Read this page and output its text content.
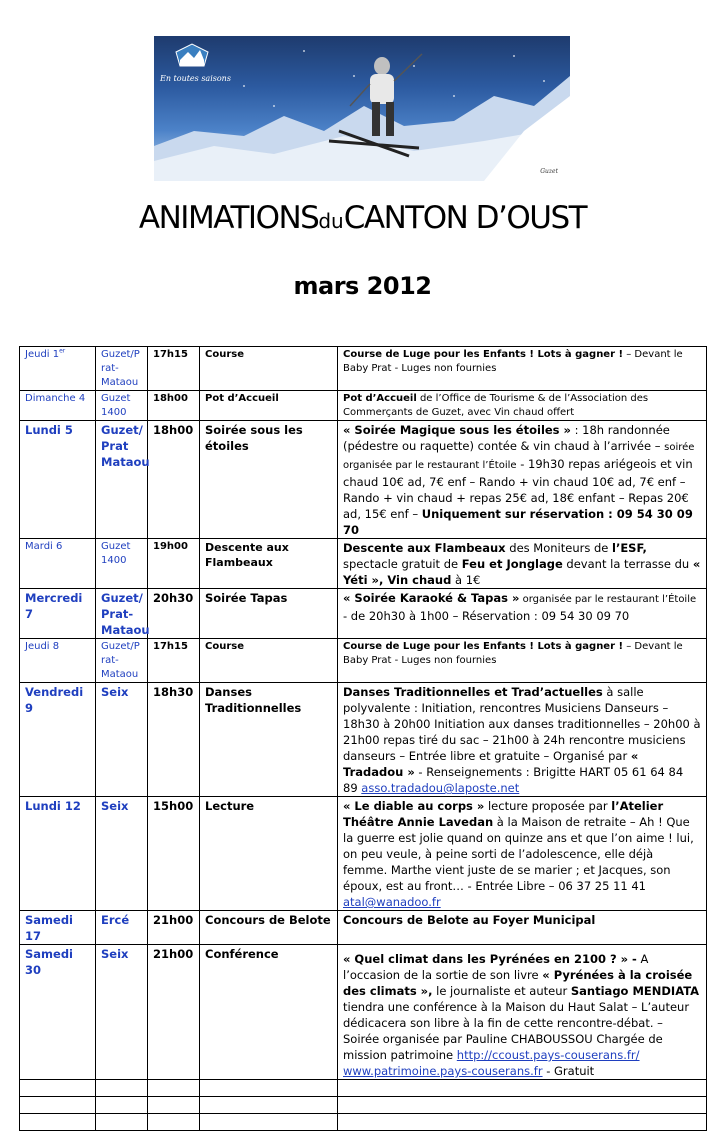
En toutes saisons
Guzet
ANIMATIONSduCANTON D’OUST
mars 2012
Jeudi 1er	Guzet/P rat-Mataou	17h15	Course	Course de Luge pour les Enfants ! Lots à gagner ! – Devant le Baby Prat - Luges non fournies
Dimanche 4	Guzet 1400	18h00	Pot d’Accueil	Pot d’Accueil de l’Office de Tourisme & de l’Association des Commerçants de Guzet, avec Vin chaud offert
Lundi 5	Guzet/ Prat Mataou	18h00	Soirée sous les étoiles	« Soirée Magique sous les étoiles » : 18h randonnée (pédestre ou raquette) contée & vin chaud à l’arrivée – soirée organisée par le restaurant l’Étoile - 19h30 repas ariégeois et vin chaud 10€ ad, 7€ enf – Rando + vin chaud 10€ ad, 7€ enf – Rando + vin chaud + repas 25€ ad, 18€ enfant – Repas 20€ ad, 15€ enf – Uniquement sur réservation : 09 54 30 09 70
Mardi 6	Guzet 1400	19h00	Descente aux Flambeaux	Descente aux Flambeaux des Moniteurs de l’ESF, spectacle gratuit de Feu et Jonglage devant la terrasse du « Yéti », Vin chaud à 1€
Mercredi 7	Guzet/ Prat-Mataou	20h30	Soirée Tapas	« Soirée Karaoké & Tapas » organisée par le restaurant l’Étoile - de 20h30 à 1h00 – Réservation : 09 54 30 09 70
Jeudi 8	Guzet/P rat-Mataou	17h15	Course	Course de Luge pour les Enfants ! Lots à gagner ! – Devant le Baby Prat - Luges non fournies
Vendredi 9	Seix	18h30	Danses Traditionnelles	Danses Traditionnelles et Trad’actuelles à salle polyvalente : Initiation, rencontres Musiciens Danseurs – 18h30 à 20h00 Initiation aux danses traditionnelles – 20h00 à 21h00 repas tiré du sac – 21h00 à 24h rencontre musiciens danseurs – Entrée libre et gratuite – Organisé par « Tradadou » - Renseignements : Brigitte HART 05 61 64 84 89 asso.tradadou@laposte.net
Lundi 12	Seix	15h00	Lecture	« Le diable au corps » lecture proposée par l’Atelier Théâtre Annie Lavedan à la Maison de retraite – Ah ! Que la guerre est jolie quand on quinze ans et que l’on aime ! lui, on peu veule, à peine sorti de l’adolescence, elle déjà femme. Marthe vient juste de se marier ; et Jacques, son époux, est au front… - Entrée Libre – 06 37 25 11 41 atal@wanadoo.fr
Samedi 17	Ercé	21h00	Concours de Belote	Concours de Belote au Foyer Municipal
Samedi 30	Seix	21h00	Conférence	« Quel climat dans les Pyrénées en 2100 ? » - A l’occasion de la sortie de son livre « Pyrénées à la croisée des climats », le journaliste et auteur Santiago MENDIATA tiendra une conférence à la Maison du Haut Salat – L’auteur dédicacera son libre à la fin de cette rencontre-débat. – Soirée organisée par Pauline CHABOUSSOU Chargée de mission patrimoine http://ccoust.pays-couserans.fr/ www.patrimoine.pays-couserans.fr - Gratuit
